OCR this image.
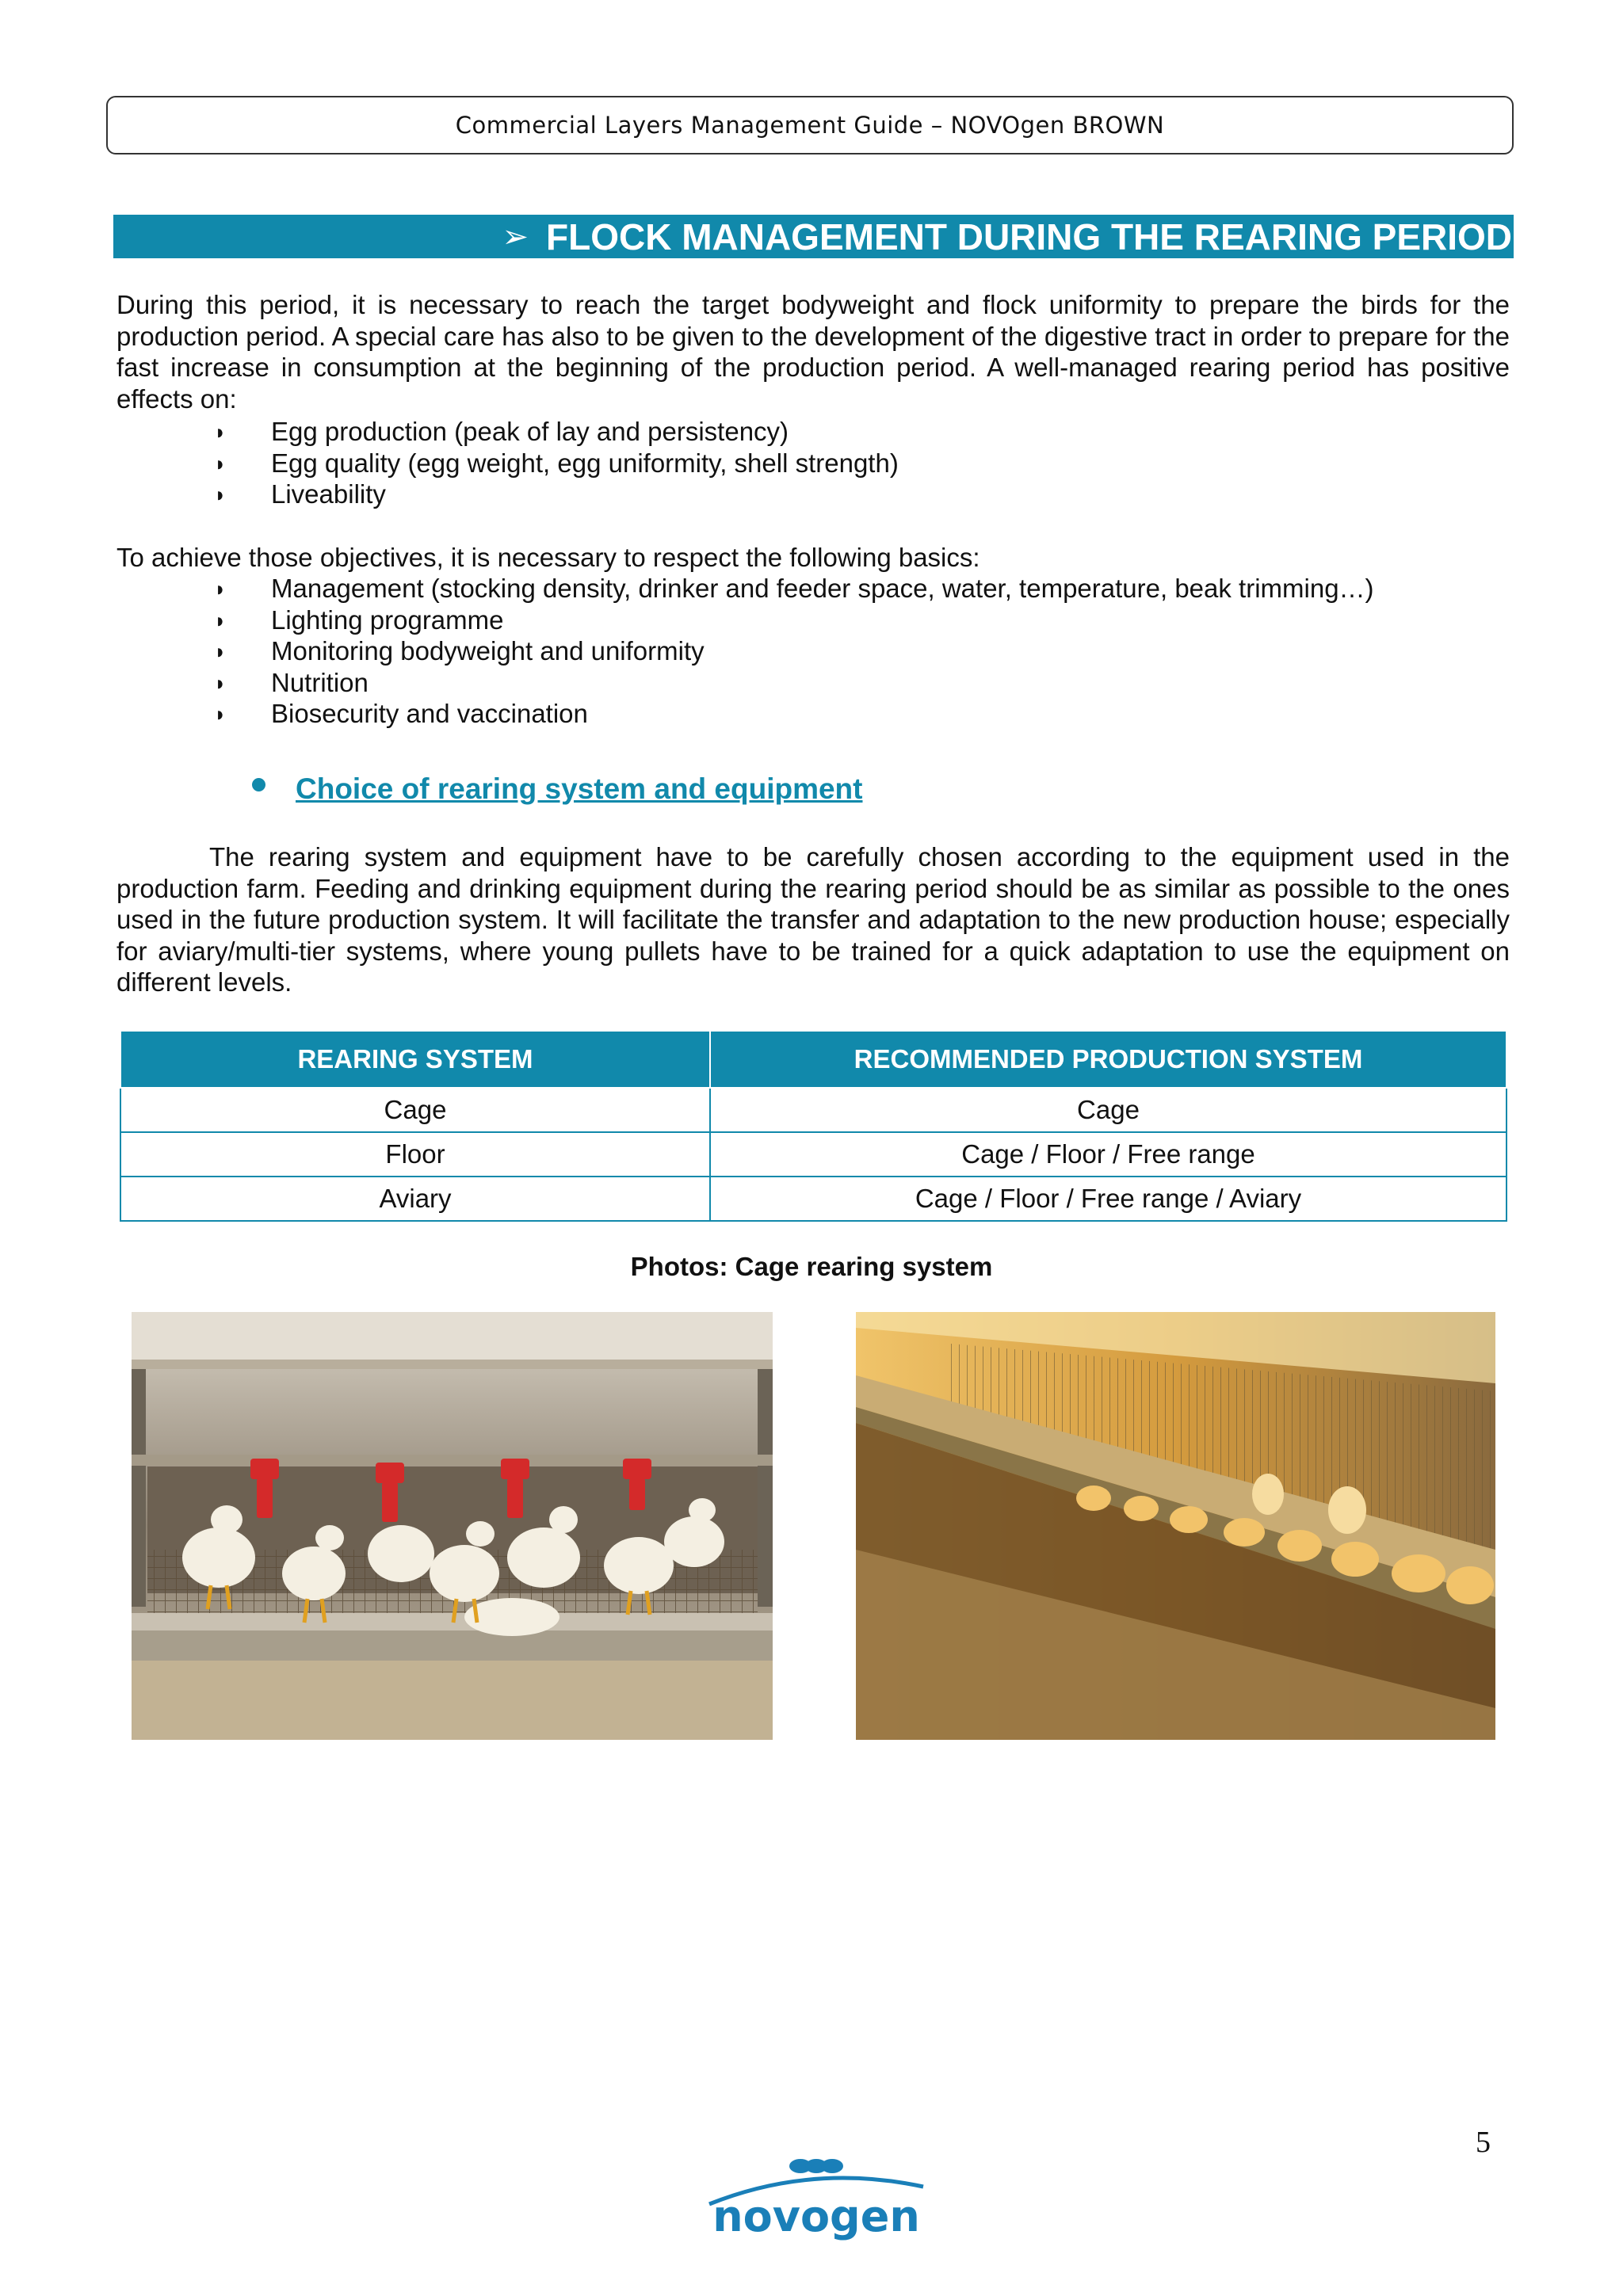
Commercial Layers Management Guide – NOVOgen BROWN
➢ FLOCK MANAGEMENT DURING THE REARING PERIOD

During this period, it is necessary to reach the target bodyweight and flock uniformity to prepare the birds for the production period. A special care has also to be given to the development of the digestive tract in order to prepare for the fast increase in consumption at the beginning of the production period. A well-managed rearing period has positive effects on:

◗ Egg production (peak of lay and persistency)
◗ Egg quality (egg weight, egg uniformity, shell strength)
◗ Liveability

To achieve those objectives, it is necessary to respect the following basics:

◗ Management (stocking density, drinker and feeder space, water, temperature, beak trimming…)
◗ Lighting programme
◗ Monitoring bodyweight and uniformity
◗ Nutrition
◗ Biosecurity and vaccination
Choice of rearing system and equipment

The rearing system and equipment have to be carefully chosen according to the equipment used in the production farm. Feeding and drinking equipment during the rearing period should be as similar as possible to the ones used in the future production system. It will facilitate the transfer and adaptation to the new production house; especially for aviary/multi-tier systems, where young pullets have to be trained for a quick adaptation to use the equipment on different levels.

REARING SYSTEM	RECOMMENDED PRODUCTION SYSTEM
Cage	Cage
Floor	Cage / Floor / Free range
Aviary	Cage / Floor / Free range / Aviary
Photos: Cage rearing system
5
novogen
